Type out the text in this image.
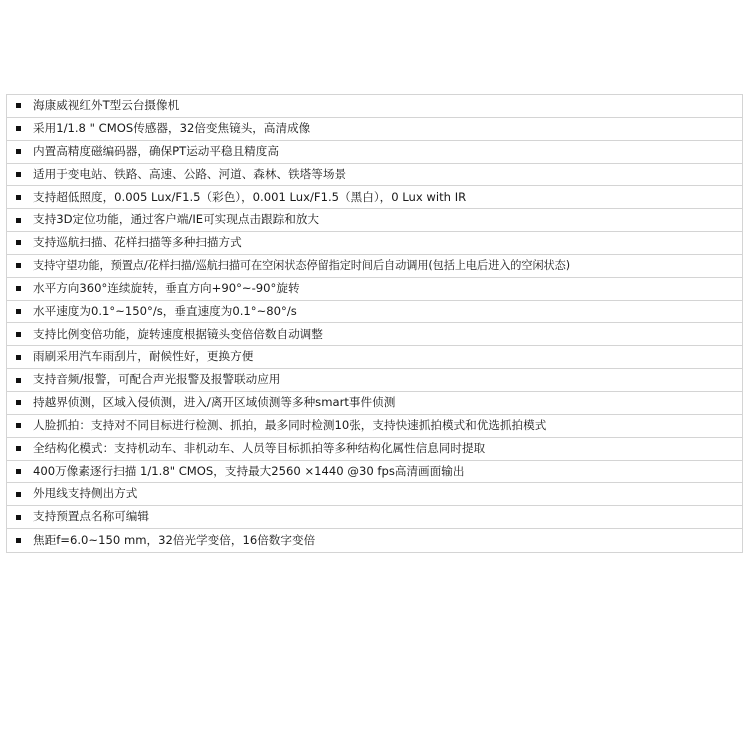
海康威视红外T型云台摄像机
采用1/1.8 " CMOS传感器，32倍变焦镜头，高清成像
内置高精度磁编码器，确保PT运动平稳且精度高
适用于变电站、铁路、高速、公路、河道、森林、铁塔等场景
支持超低照度，0.005 Lux/F1.5（彩色），0.001 Lux/F1.5（黑白），0 Lux with IR
支持3D定位功能，通过客户端/IE可实现点击跟踪和放大
支持巡航扫描、花样扫描等多种扫描方式
支持守望功能，预置点/花样扫描/巡航扫描可在空闲状态停留指定时间后自动调用(包括上电后进入的空闲状态)
水平方向360°连续旋转，垂直方向+90°~-90°旋转
水平速度为0.1°~150°/s，垂直速度为0.1°~80°/s
支持比例变倍功能，旋转速度根据镜头变倍倍数自动调整
雨刷采用汽车雨刮片，耐候性好，更换方便
支持音频/报警，可配合声光报警及报警联动应用
持越界侦测，区域入侵侦测，进入/离开区域侦测等多种smart事件侦测
人脸抓拍：支持对不同目标进行检测、抓拍，最多同时检测10张，支持快速抓拍模式和优选抓拍模式
全结构化模式：支持机动车、非机动车、人员等目标抓拍等多种结构化属性信息同时提取
400万像素逐行扫描 1/1.8" CMOS，支持最大2560 ×1440 @30 fps高清画面输出
外甩线支持侧出方式
支持预置点名称可编辑
焦距f=6.0~150 mm，32倍光学变倍，16倍数字变倍
